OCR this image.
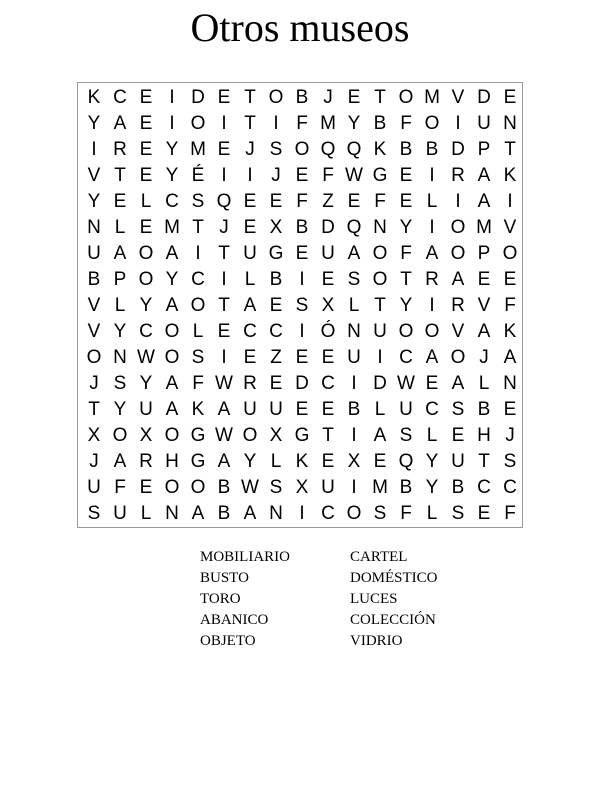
Otros museos
K C E I D E T O B J E T O M V D E
Y A E I O I T I F M Y B F O I U N
I R E Y M E J S O Q Q K B B D P T
V T E Y É I	I J E F W G E I R A K
Y E L C S Q E E F Z E F E L I A I
N L E M T J E X B D Q N Y I O M V
U A O A I T U G E U A O F A O P O
B P O Y C I L B I E S O T R A E E
V L Y A O T A E S X L T Y I R V F
V Y C O L E C C I Ó N U O O V A K
O N W O S I E Z E E U I C A O J A
J S Y A F W R E D C I D W E A L N
T Y U A K A U U E E B L U C S B E
X O X O G W O X G T I A S L E H J
J A R H G A Y L K E X E Q Y U T S
U F E O O B W S X U I M B Y B C C
S U L N A B A N I C O S F L S E F
MOBILIARIO
BUSTO
TORO
ABANICO
OBJETO
CARTEL
DOMÉSTICO
LUCES
COLECCIÓN
VIDRIO
